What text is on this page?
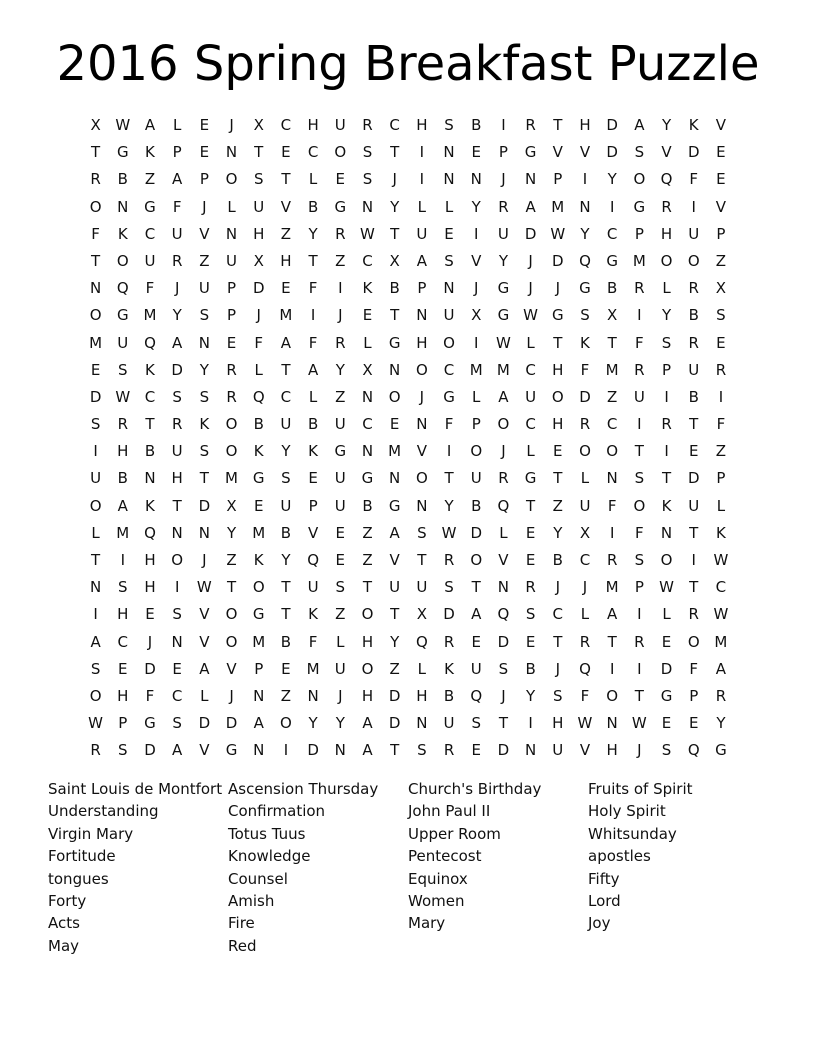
2016 Spring Breakfast Puzzle
X W A	L	E	J	X	C	H	U	R	C	H	S	B	I	R	T	H	D	A	Y	K	V
T	G	K	P	E	N	T	E	C	O	S	T	I	N	E	P	G	V	V	D	S	V	D	E
R	B	Z	A	P	O	S	T	L	E	S	J	I	N	N	J	N	P	I	Y	O	Q	F	E
O	N	G	F	J	L	U	V	B	G	N	Y	L	L	Y	R	A	M	N	I	G	R	I	V
F	K	C	U	V	N	H	Z	Y	R W	T	U	E	I	U	D W	Y	C	P	H	U	P
T	O	U	R	Z	U	X	H	T	Z	C	X	A	S	V	Y	J	D	Q	G M O	O	Z
N	Q	F	J	U	P	D	E	F	I	K	B	P	N	J	G	J	J	G	B	R	L	R	X
O	G M	Y	S	P	J	M	I	J	E	T	N	U	X	G W G	S	X	I	Y	B	S
M	U	Q	A	N	E	F	A	F	R	L	G	H	O	I	W	L	T	K	T	F	S	R	E
E	S	K	D	Y	R	L	T	A	Y	X	N	O	C	M M	C	H	F	M	R	P	U	R
D W C	S	S	R	Q	C	L	Z	N	O	J	G	L	A	U	O	D	Z	U	I	B	I
S	R	T	R	K	O	B	U	B	U	C	E	N	F	P	O	C	H	R	C	I	R	T	F
I	H	B	U	S	O	K	Y	K	G	N	M	V	I	O	J	L	E	O	O	T	I	E	Z
U	B	N	H	T	M G	S	E	U	G	N	O	T	U	R	G	T	L	N	S	T	D	P
O	A	K	T	D	X	E	U	P	U	B	G	N	Y	B	Q	T	Z	U	F	O	K	U	L
L	M Q	N	N	Y	M	B	V	E	Z	A	S	W D	L	E	Y	X	I	F	N	T	K
T	I	H	O	J	Z	K	Y	Q	E	Z	V	T	R	O	V	E	B	C	R	S	O	I	W
N	S	H	I	W	T	O	T	U	S	T	U	U	S	T	N	R	J	J	M	P	W	T	C
I	H	E	S	V	O	G	T	K	Z	O	T	X	D	A	Q	S	C	L	A	I	L	R W
A	C	J	N	V	O M	B	F	L	H	Y	Q	R	E	D	E	T	R	T	R	E	O M
S	E	D	E	A	V	P	E	M	U	O	Z	L	K	U	S	B	J	Q	I	I	D	F	A
O	H	F	C	L	J	N	Z	N	J	H	D	H	B	Q	J	Y	S	F	O	T	G	P	R
W	P	G	S	D	D	A	O	Y	Y	A	D	N	U	S	T	I	H W N W	E	E	Y
R	S	D	A	V	G	N	I	D	N	A	T	S	R	E	D	N	U	V	H	J	S	Q	G
Saint Louis de Montfort
Understanding
Virgin Mary
Fortitude
tongues
Forty
Acts
May
Ascension Thursday
Confirmation
Totus Tuus
Knowledge
Counsel
Amish
Fire
Red
Church's Birthday
John Paul II
Upper Room
Pentecost
Equinox
Women
Mary
Fruits of Spirit
Holy Spirit
Whitsunday
apostles
Fifty
Lord
Joy
